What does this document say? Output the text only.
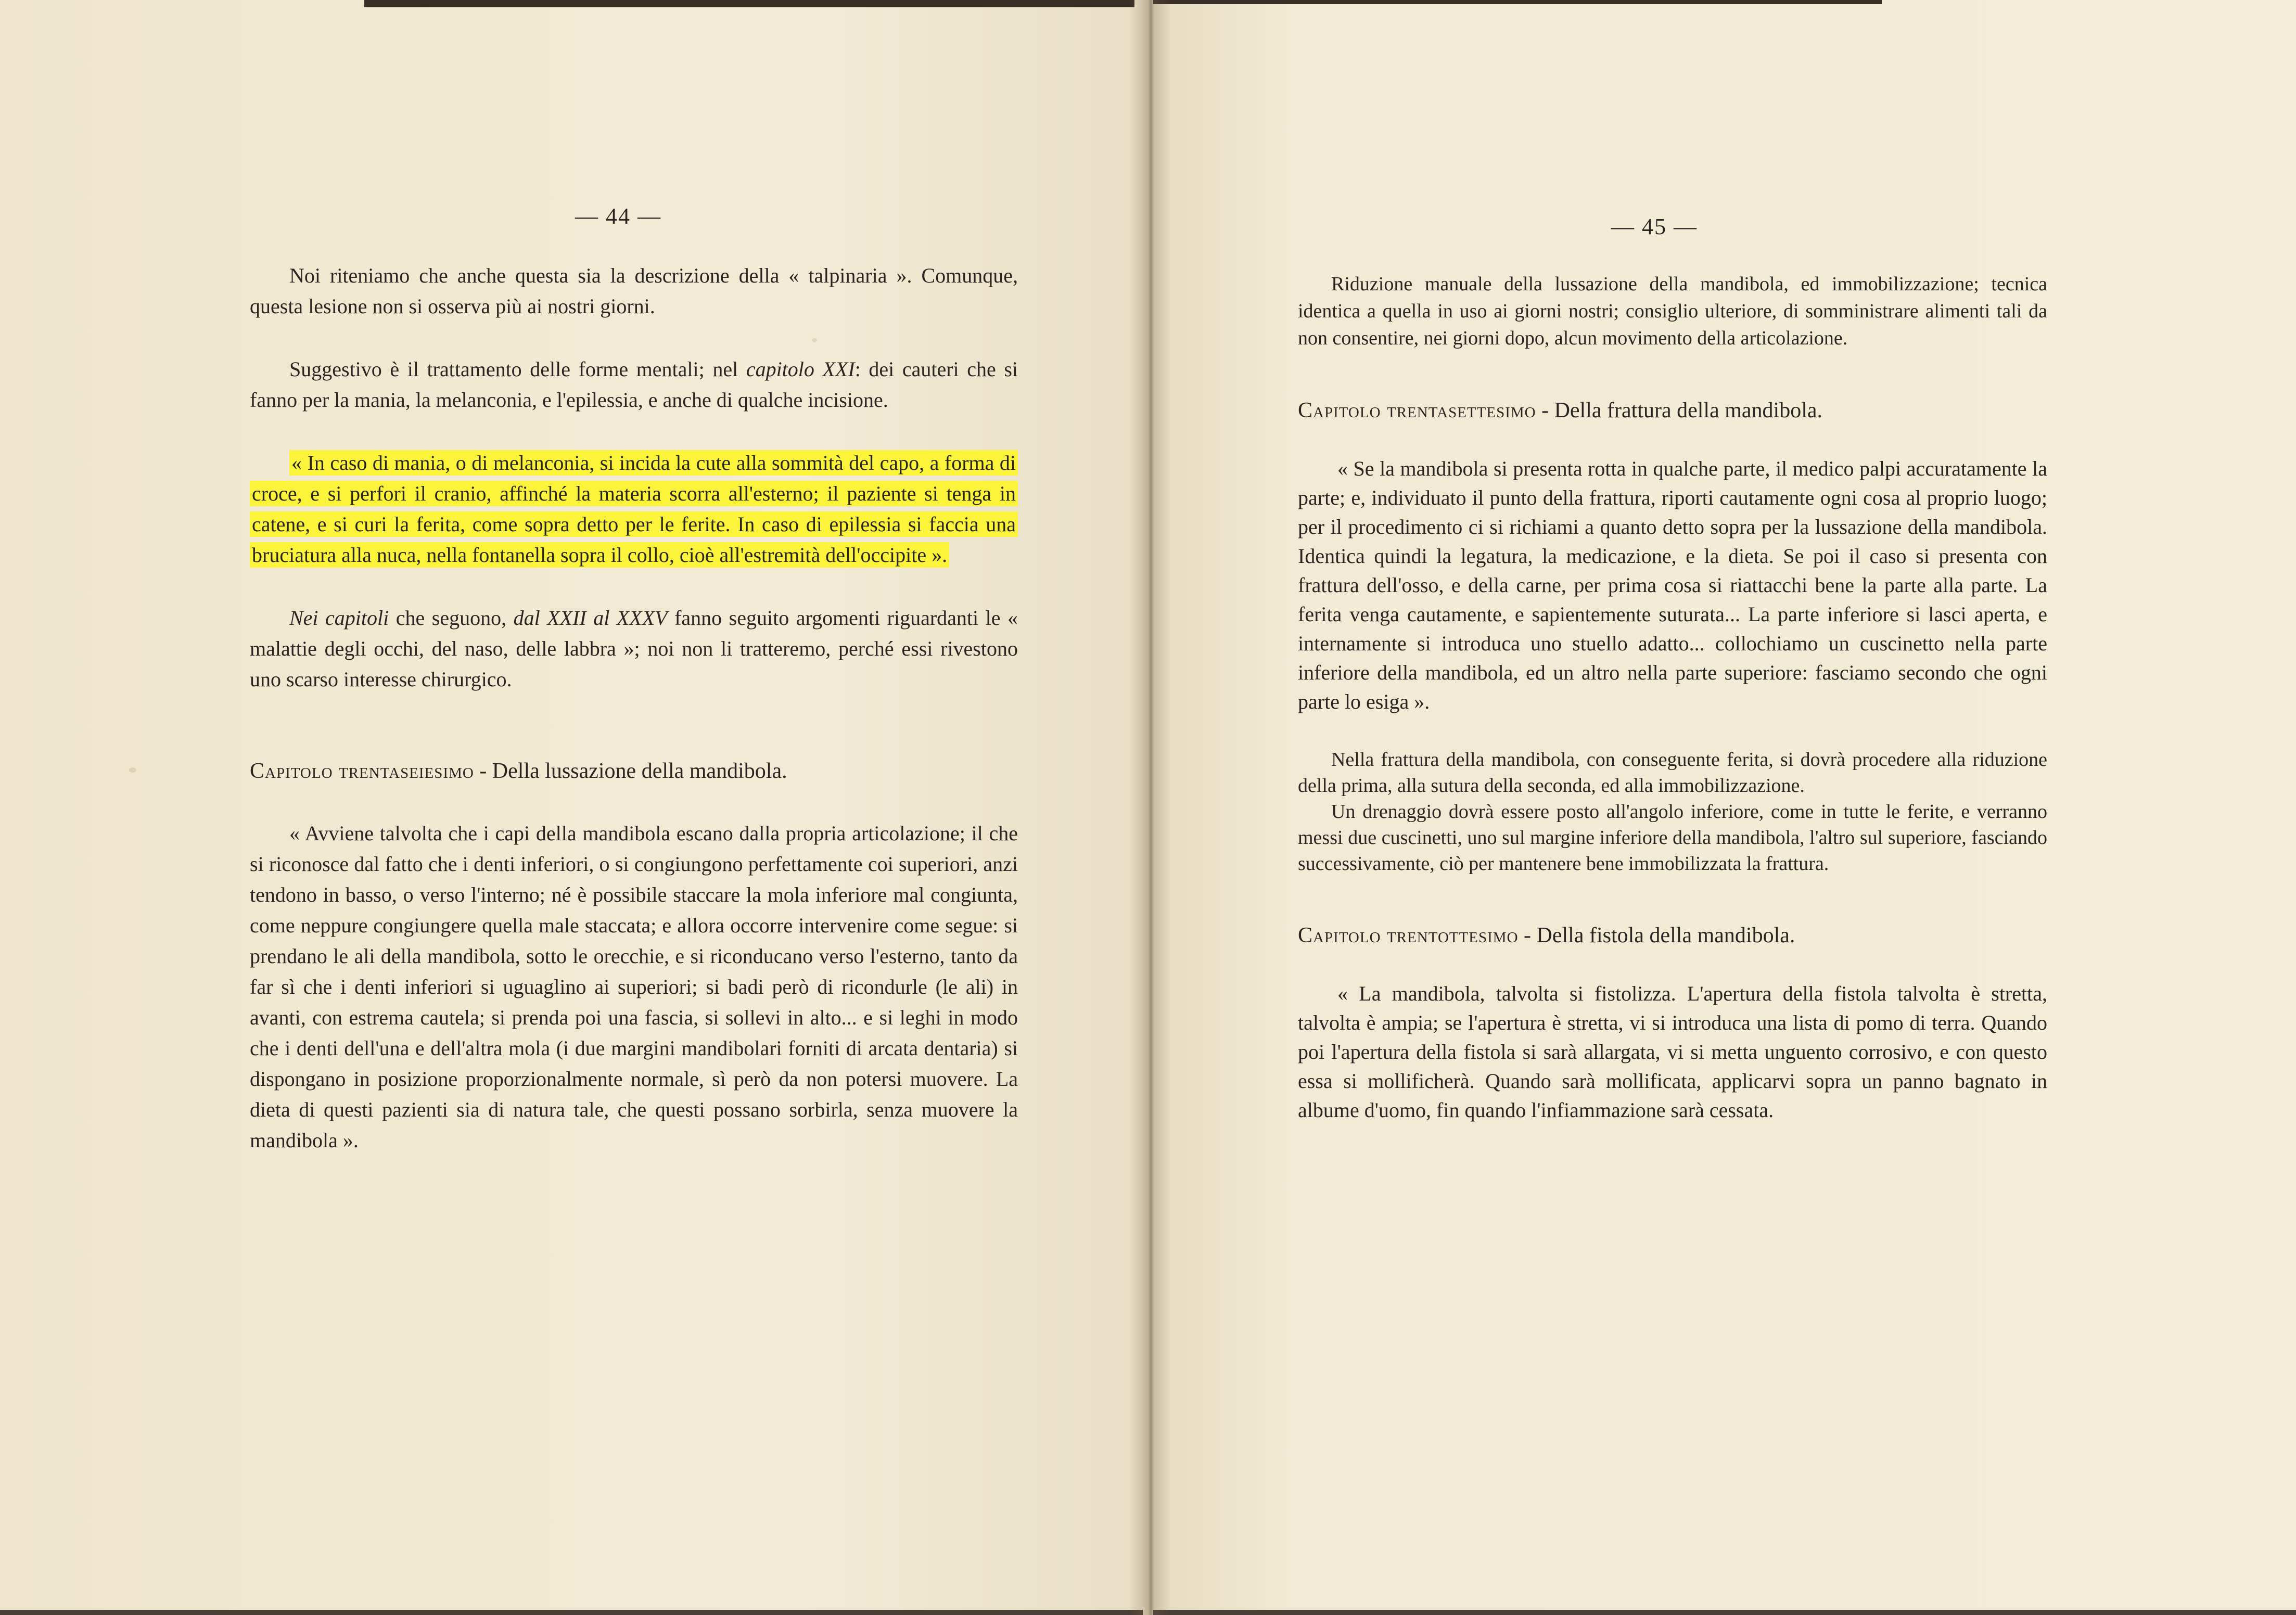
— 44 —

Noi riteniamo che anche questa sia la descrizione della « talpinaria ». Comunque, questa lesione non si osserva più ai nostri giorni.

Suggestivo è il trattamento delle forme mentali; nel capitolo XXI: dei cauteri che si fanno per la mania, la melanconia, e l'epilessia, e anche di qualche incisione.

« In caso di mania, o di melanconia, si incida la cute alla sommità del capo, a forma di croce, e si perfori il cranio, affinché la materia scorra all'esterno; il paziente si tenga in catene, e si curi la ferita, come sopra detto per le ferite. In caso di epilessia si faccia una bruciatura alla nuca, nella fontanella sopra il collo, cioè all'estremità dell'occipite ».

Nei capitoli che seguono, dal XXII al XXXV fanno seguito argomenti riguardanti le « malattie degli occhi, del naso, delle labbra »; noi non li tratteremo, perché essi rivestono uno scarso interesse chirurgico.

Capitolo trentaseiesimo - Della lussazione della mandibola.

« Avviene talvolta che i capi della mandibola escano dalla propria articolazione; il che si riconosce dal fatto che i denti inferiori, o si congiungono perfettamente coi superiori, anzi tendono in basso, o verso l'interno; né è possibile staccare la mola inferiore mal congiunta, come neppure congiungere quella male staccata; e allora occorre intervenire come segue: si prendano le ali della mandibola, sotto le orecchie, e si riconducano verso l'esterno, tanto da far sì che i denti inferiori si uguaglino ai superiori; si badi però di ricondurle (le ali) in avanti, con estrema cautela; si prenda poi una fascia, si sollevi in alto... e si leghi in modo che i denti dell'una e dell'altra mola (i due margini mandibolari forniti di arcata dentaria) si dispongano in posizione proporzionalmente normale, sì però da non potersi muovere. La dieta di questi pazienti sia di natura tale, che questi possano sorbirla, senza muovere la mandibola ».

— 45 —

Riduzione manuale della lussazione della mandibola, ed immobilizzazione; tecnica identica a quella in uso ai giorni nostri; consiglio ulteriore, di somministrare alimenti tali da non consentire, nei giorni dopo, alcun movimento della articolazione.

Capitolo trentasettesimo - Della frattura della mandibola.

« Se la mandibola si presenta rotta in qualche parte, il medico palpi accuratamente la parte; e, individuato il punto della frattura, riporti cautamente ogni cosa al proprio luogo; per il procedimento ci si richiami a quanto detto sopra per la lussazione della mandibola. Identica quindi la legatura, la medicazione, e la dieta. Se poi il caso si presenta con frattura dell'osso, e della carne, per prima cosa si riattacchi bene la parte alla parte. La ferita venga cautamente, e sapientemente suturata... La parte inferiore si lasci aperta, e internamente si introduca uno stuello adatto... collochiamo un cuscinetto nella parte inferiore della mandibola, ed un altro nella parte superiore: fasciamo secondo che ogni parte lo esiga ».

Nella frattura della mandibola, con conseguente ferita, si dovrà procedere alla riduzione della prima, alla sutura della seconda, ed alla immobilizzazione.

Un drenaggio dovrà essere posto all'angolo inferiore, come in tutte le ferite, e verranno messi due cuscinetti, uno sul margine inferiore della mandibola, l'altro sul superiore, fasciando successivamente, ciò per mantenere bene immobilizzata la frattura.

Capitolo trentottesimo - Della fistola della mandibola.

« La mandibola, talvolta si fistolizza. L'apertura della fistola talvolta è stretta, talvolta è ampia; se l'apertura è stretta, vi si introduca una lista di pomo di terra. Quando poi l'apertura della fistola si sarà allargata, vi si metta unguento corrosivo, e con questo essa si mollificherà. Quando sarà mollificata, applicarvi sopra un panno bagnato in albume d'uomo, fin quando l'infiammazione sarà cessata.
